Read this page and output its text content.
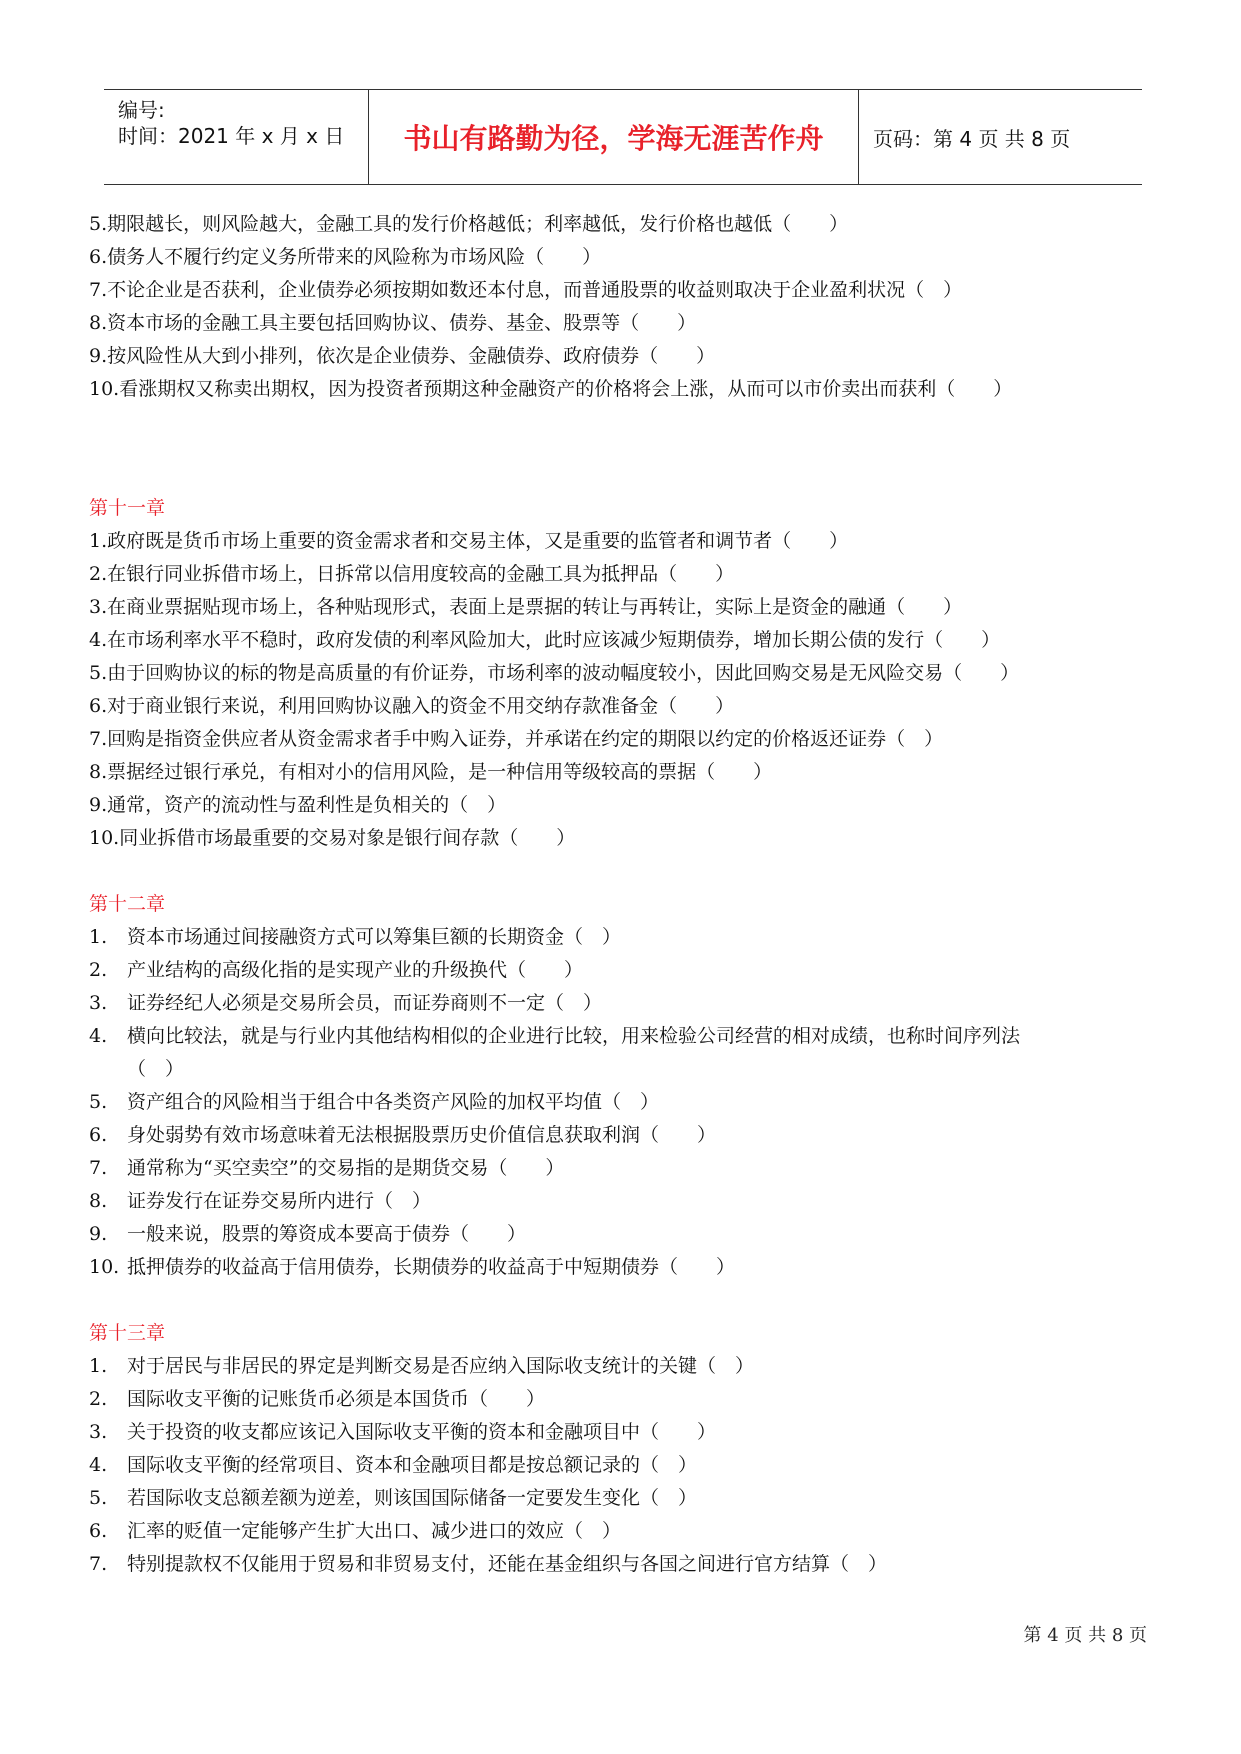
编号:
时间：2021 年 x 月 x 日 书山有路勤为径，学海无涯苦作舟 页码：第 4 页 共 8 页
5.期限越长，则风险越大，金融工具的发行价格越低；利率越低，发行价格也越低（　　）
6.债务人不履行约定义务所带来的风险称为市场风险（　　）
7.不论企业是否获利，企业债券必须按期如数还本付息，而普通股票的收益则取决于企业盈利状况（　）
8.资本市场的金融工具主要包括回购协议、债券、基金、股票等（　　）
9.按风险性从大到小排列，依次是企业债券、金融债券、政府债券（　　）
10.看涨期权又称卖出期权，因为投资者预期这种金融资产的价格将会上涨，从而可以市价卖出而获利（　　）
第十一章
1.政府既是货币市场上重要的资金需求者和交易主体，又是重要的监管者和调节者（　　）
2.在银行同业拆借市场上，日拆常以信用度较高的金融工具为抵押品（　　）
3.在商业票据贴现市场上，各种贴现形式，表面上是票据的转让与再转让，实际上是资金的融通（　　）
4.在市场利率水平不稳时，政府发债的利率风险加大，此时应该减少短期债券，增加长期公债的发行（　　）
5.由于回购协议的标的物是高质量的有价证券，市场利率的波动幅度较小，因此回购交易是无风险交易（　　）
6.对于商业银行来说，利用回购协议融入的资金不用交纳存款准备金（　　）
7.回购是指资金供应者从资金需求者手中购入证券，并承诺在约定的期限以约定的价格返还证券（　）
8.票据经过银行承兑，有相对小的信用风险，是一种信用等级较高的票据（　　）
9.通常，资产的流动性与盈利性是负相关的（　）
10.同业拆借市场最重要的交易对象是银行间存款（　　）
第十二章
1.	资本市场通过间接融资方式可以筹集巨额的长期资金（　）
2.	产业结构的高级化指的是实现产业的升级换代（　　）
3.	证券经纪人必须是交易所会员，而证券商则不一定（　）
4.	横向比较法，就是与行业内其他结构相似的企业进行比较，用来检验公司经营的相对成绩，也称时间序列法
（　）
5.	资产组合的风险相当于组合中各类资产风险的加权平均值（　）
6.	身处弱势有效市场意味着无法根据股票历史价值信息获取利润（　　）
7.	通常称为“买空卖空”的交易指的是期货交易（　　）
8.	证券发行在证券交易所内进行（　）
9.	一般来说，股票的筹资成本要高于债券（　　）
10. 抵押债券的收益高于信用债券，长期债券的收益高于中短期债券（　　）
第十三章
1.	对于居民与非居民的界定是判断交易是否应纳入国际收支统计的关键（　）
2.	国际收支平衡的记账货币必须是本国货币（　　）
3.	关于投资的收支都应该记入国际收支平衡的资本和金融项目中（　　）
4.	国际收支平衡的经常项目、资本和金融项目都是按总额记录的（　）
5.	若国际收支总额差额为逆差，则该国国际储备一定要发生变化（　）
6.	汇率的贬值一定能够产生扩大出口、减少进口的效应（　）
7.	特别提款权不仅能用于贸易和非贸易支付，还能在基金组织与各国之间进行官方结算（　）
第 4 页 共 8 页
